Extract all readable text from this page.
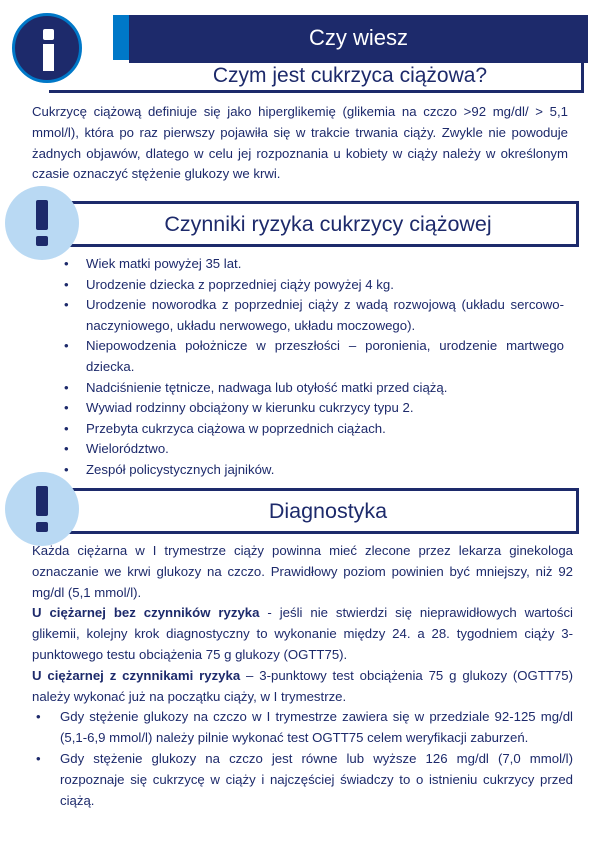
Czy wiesz
Czym jest cukrzyca ciążowa?
Cukrzycę ciążową definiuje się jako hiperglikemię (glikemia na czczo >92 mg/dl/ > 5,1 mmol/l), która po raz pierwszy pojawiła się w trakcie trwania ciąży. Zwykle nie powoduje żadnych objawów, dlatego w celu jej rozpoznania u kobiety w ciąży należy w określonym czasie oznaczyć stężenie glukozy we krwi.
Czynniki ryzyka cukrzycy ciążowej
• Wiek matki powyżej 35 lat.
• Urodzenie dziecka z poprzedniej ciąży powyżej 4 kg.
• Urodzenie noworodka z poprzedniej ciąży z wadą rozwojową (układu sercowo-naczyniowego, układu nerwowego, układu moczowego).
• Niepowodzenia położnicze w przeszłości – poronienia, urodzenie martwego dziecka.
• Nadciśnienie tętnicze, nadwaga lub otyłość matki przed ciążą.
• Wywiad rodzinny obciążony w kierunku cukrzycy typu 2.
• Przebyta cukrzyca ciążowa w poprzednich ciążach.
• Wielorództwo.
• Zespół policystycznych jajników.
Diagnostyka
Każda ciężarna w I trymestrze ciąży powinna mieć zlecone przez lekarza ginekologa oznaczanie we krwi glukozy na czczo. Prawidłowy poziom powinien być mniejszy, niż 92 mg/dl (5,1 mmol/l).
U ciężarnej bez czynników ryzyka - jeśli nie stwierdzi się nieprawidłowych wartości glikemii, kolejny krok diagnostyczny to wykonanie między 24. a 28. tygodniem ciąży 3-punktowego testu obciążenia 75 g glukozy (OGTT75).
U ciężarnej z czynnikami ryzyka – 3-punktowy test obciążenia 75 g glukozy (OGTT75) należy wykonać już na początku ciąży, w I trymestrze.
• Gdy stężenie glukozy na czczo w I trymestrze zawiera się w przedziale 92-125 mg/dl (5,1-6,9 mmol/l) należy pilnie wykonać test OGTT75 celem weryfikacji zaburzeń.
• Gdy stężenie glukozy na czczo jest równe lub wyższe 126 mg/dl (7,0 mmol/l) rozpoznaje się cukrzycę w ciąży i najczęściej świadczy to o istnieniu cukrzycy przed ciążą.
